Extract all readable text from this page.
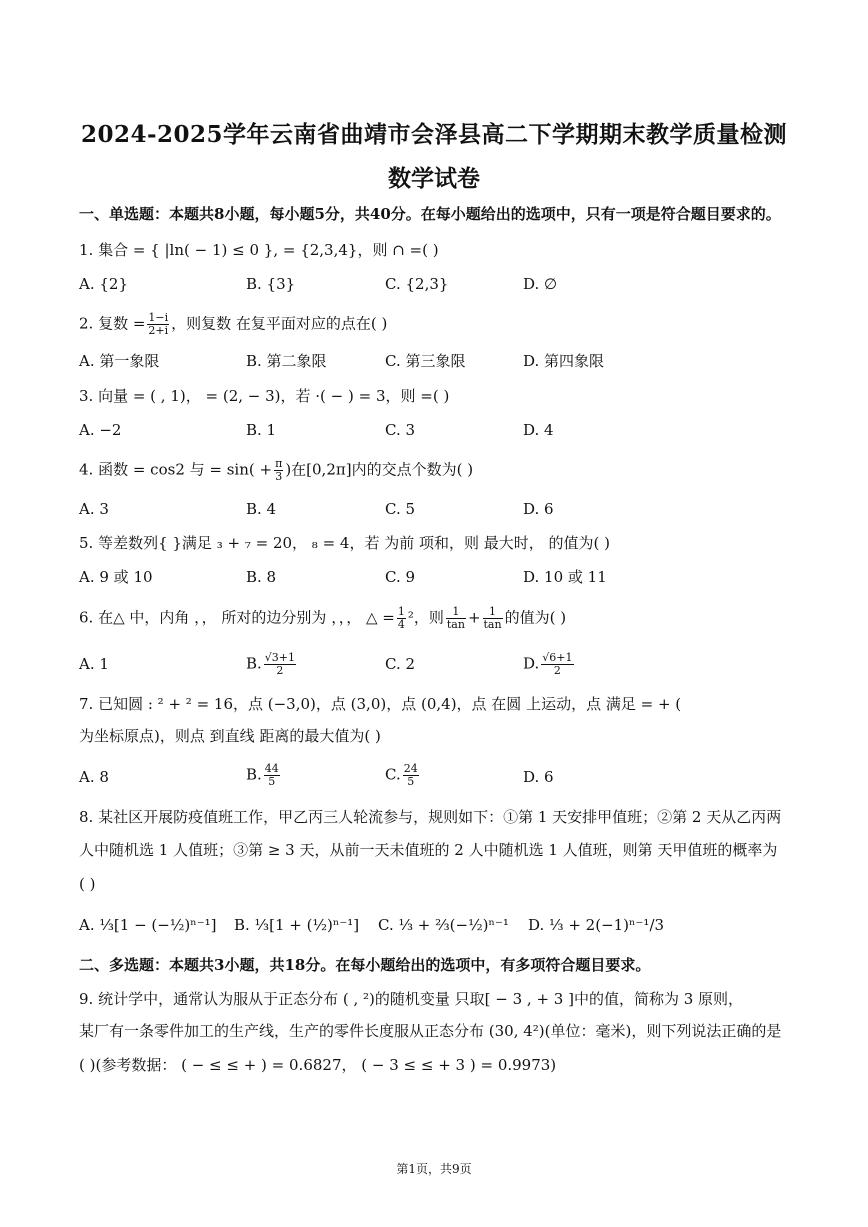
2024-2025学年云南省曲靖市会泽县高二下学期期末教学质量检测
数学试卷
一、单选题：本题共8小题，每小题5分，共40分。在每小题给出的选项中，只有一项是符合题目要求的。
1. 集合 = { |ln( − 1) ≤ 0 }, = {2,3,4}，则 ∩ =( )
A. {2}	B. {3}	C. {2,3}	D. ∅
2. 复数 = $\frac{1-i}{2+i}$ ，则复数 在复平面对应的点在( )
A. 第一象限	B. 第二象限	C. 第三象限	D. 第四象限
3. 向量 = ( , 1)， = (2, − 3)，若 ·( − ) = 3，则 =( )
A. −2	B. 1	C. 3	D. 4
4. 函数 = cos2 与 = $\sin( + \frac{\pi}{3}$ )在[0,2π]内的交点个数为( )
A. 3	B. 4	C. 5	D. 6
5. 等差数列{ }满足 ₃ + ₇ = 20， ₈ = 4，若 为前 项和，则 最大时， 的值为( )
A. 9 或 10	B. 8	C. 9	D. 10 或 11
6. 在△ 中，内角 ，， 所对的边分别为 ，，， △ = $\frac{1}{4} ^2$，则 $\frac{1}{\tan} + \frac{1}{\tan}$ 的值为( )
A. 1	B. $\frac{√3+1}{2}$	C. 2	D. $\frac{√6+1}{2}$
7. 已知圆 : ² + ² = 16，点 (−3,0)，点 (3,0)，点 (0,4)，点 在圆 上运动，点 满足 = + (
为坐标原点)，则点 到直线 距离的最大值为( )
A. 8	B. $\frac{44}{5}$	C. $\frac{24}{5}$	D. 6
8. 某社区开展防疫值班工作，甲乙丙三人轮流参与，规则如下：①第 1 天安排甲值班；②第 2 天从乙丙两
人中随机选 1 人值班；③第 ≥ 3 天，从前一天未值班的 2 人中随机选 1 人值班，则第 天甲值班的概率为
( )
A. ⅓[1 − (−½)ⁿ⁻¹] B. ⅓[1 + (½)ⁿ⁻¹] C. ⅓ + ⅔(−½)ⁿ⁻¹ D. ⅓ + 2(−1)ⁿ⁻¹/3
二、多选题：本题共3小题，共18分。在每小题给出的选项中，有多项符合题目要求。
9. 统计学中，通常认为服从于正态分布 ( , ²)的随机变量 只取[ − 3 , + 3 ]中的值，简称为 3 原则，
某厂有一条零件加工的生产线，生产的零件长度服从正态分布 (30, 4²)(单位：毫米)，则下列说法正确的是
( )(参考数据： ( − ≤ ≤ + ) = 0.6827， ( − 3 ≤ ≤ + 3 ) = 0.9973)
第1页，共9页
